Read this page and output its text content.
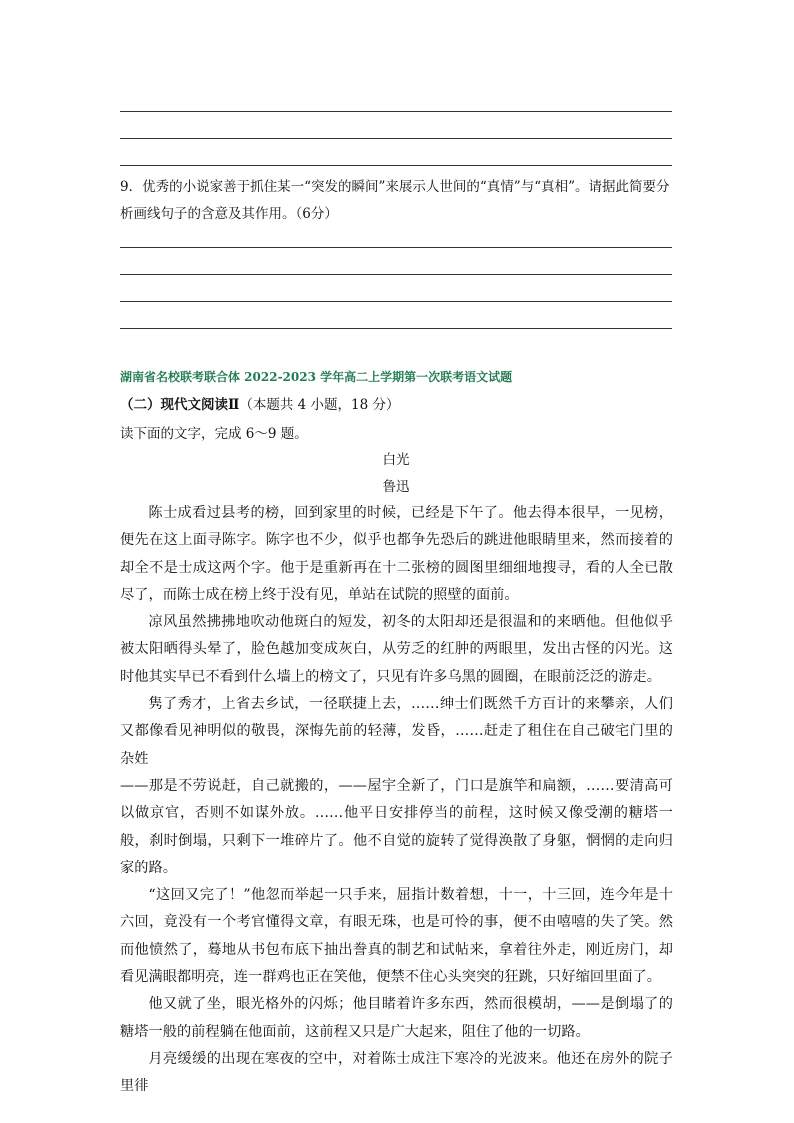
9．优秀的小说家善于抓住某一“突发的瞬间”来展示人世间的“真情”与“真相”。请据此简要分析画线句子的含意及其作用。（6分）
湖南省名校联考联合体 2022-2023 学年高二上学期第一次联考语文试题
（二）现代文阅读Ⅱ（本题共 4 小题，18 分）
读下面的文字，完成 6～9 题。
白光
鲁迅

陈士成看过县考的榜，回到家里的时候，已经是下午了。他去得本很早，一见榜，便先在这上面寻陈字。陈字也不少，似乎也都争先恐后的跳进他眼睛里来，然而接着的却全不是士成这两个字。他于是重新再在十二张榜的圆图里细细地搜寻，看的人全已散尽了，而陈士成在榜上终于没有见，单站在试院的照壁的面前。

凉风虽然拂拂地吹动他斑白的短发，初冬的太阳却还是很温和的来晒他。但他似乎被太阳晒得头晕了，脸色越加变成灰白，从劳乏的红肿的两眼里，发出古怪的闪光。这时他其实早已不看到什么墙上的榜文了，只见有许多乌黑的圆圈，在眼前泛泛的游走。

隽了秀才，上省去乡试，一径联捷上去，……绅士们既然千方百计的来攀亲，人们又都像看见神明似的敬畏，深悔先前的轻薄，发昏，……赶走了租住在自己破宅门里的杂姓

——那是不劳说赶，自己就搬的，——屋宇全新了，门口是旗竿和扁额，……要清高可以做京官，否则不如谋外放。……他平日安排停当的前程，这时候又像受潮的糖塔一般，刹时倒塌，只剩下一堆碎片了。他不自觉的旋转了觉得涣散了身躯，惘惘的走向归家的路。

“这回又完了！”他忽而举起一只手来，屈指计数着想，十一，十三回，连今年是十六回，竟没有一个考官懂得文章，有眼无珠，也是可怜的事，便不由嘻嘻的失了笑。然而他愤然了，蓦地从书包布底下抽出誊真的制艺和试帖来，拿着往外走，刚近房门，却看见满眼都明亮，连一群鸡也正在笑他，便禁不住心头突突的狂跳，只好缩回里面了。

他又就了坐，眼光格外的闪烁；他目睹着许多东西，然而很模胡，——是倒塌了的糖塔一般的前程躺在他面前，这前程又只是广大起来，阻住了他的一切路。

月亮缓缓的出现在寒夜的空中，对着陈士成注下寒冷的光波来。他还在房外的院子里徘
